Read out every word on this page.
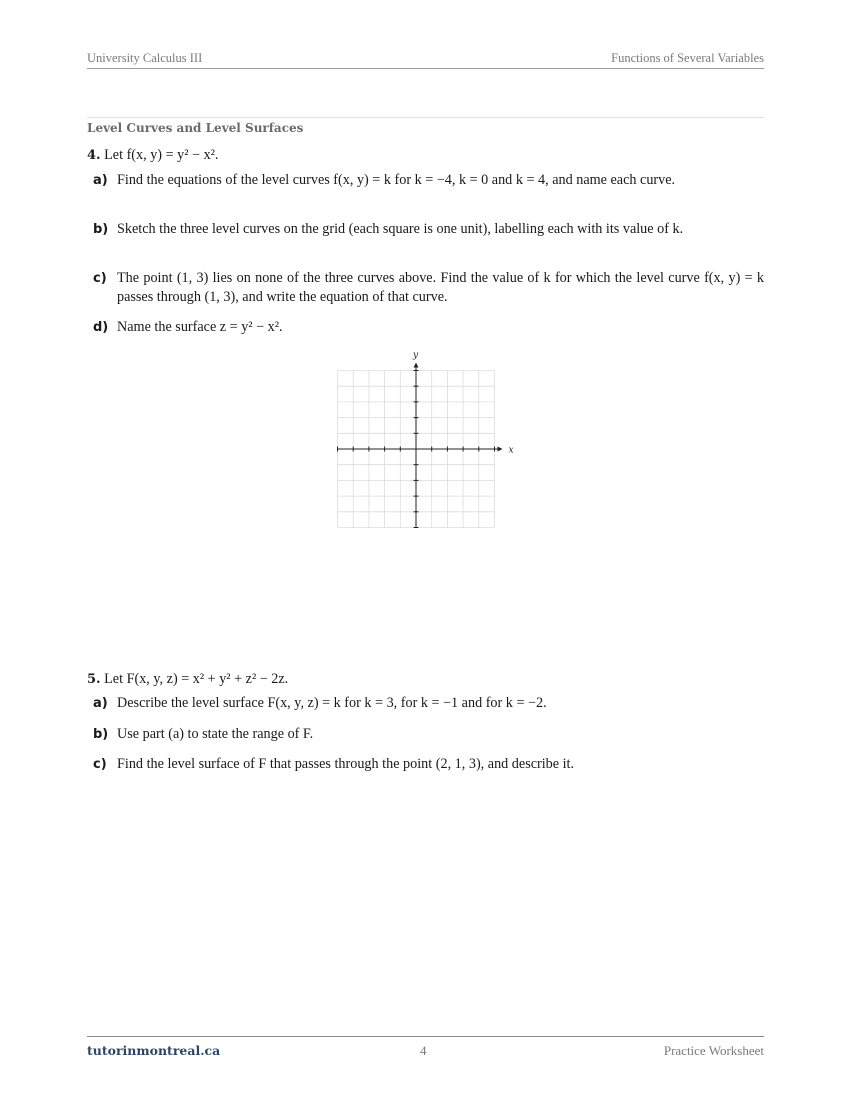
University Calculus III	Functions of Several Variables
Level Curves and Level Surfaces
4. Let f(x, y) = y² − x².
a) Find the equations of the level curves f(x, y) = k for k = −4, k = 0 and k = 4, and name each curve.
b) Sketch the three level curves on the grid (each square is one unit), labelling each with its value of k.
c) The point (1, 3) lies on none of the three curves above. Find the value of k for which the level curve f(x, y) = k passes through (1, 3), and write the equation of that curve.
d) Name the surface z = y² − x².
x
y
5. Let F(x, y, z) = x² + y² + z² − 2z.
a) Describe the level surface F(x, y, z) = k for k = 3, for k = −1 and for k = −2.
b) Use part (a) to state the range of F.
c) Find the level surface of F that passes through the point (2, 1, 3), and describe it.
tutorinmontreal.ca	4	Practice Worksheet
